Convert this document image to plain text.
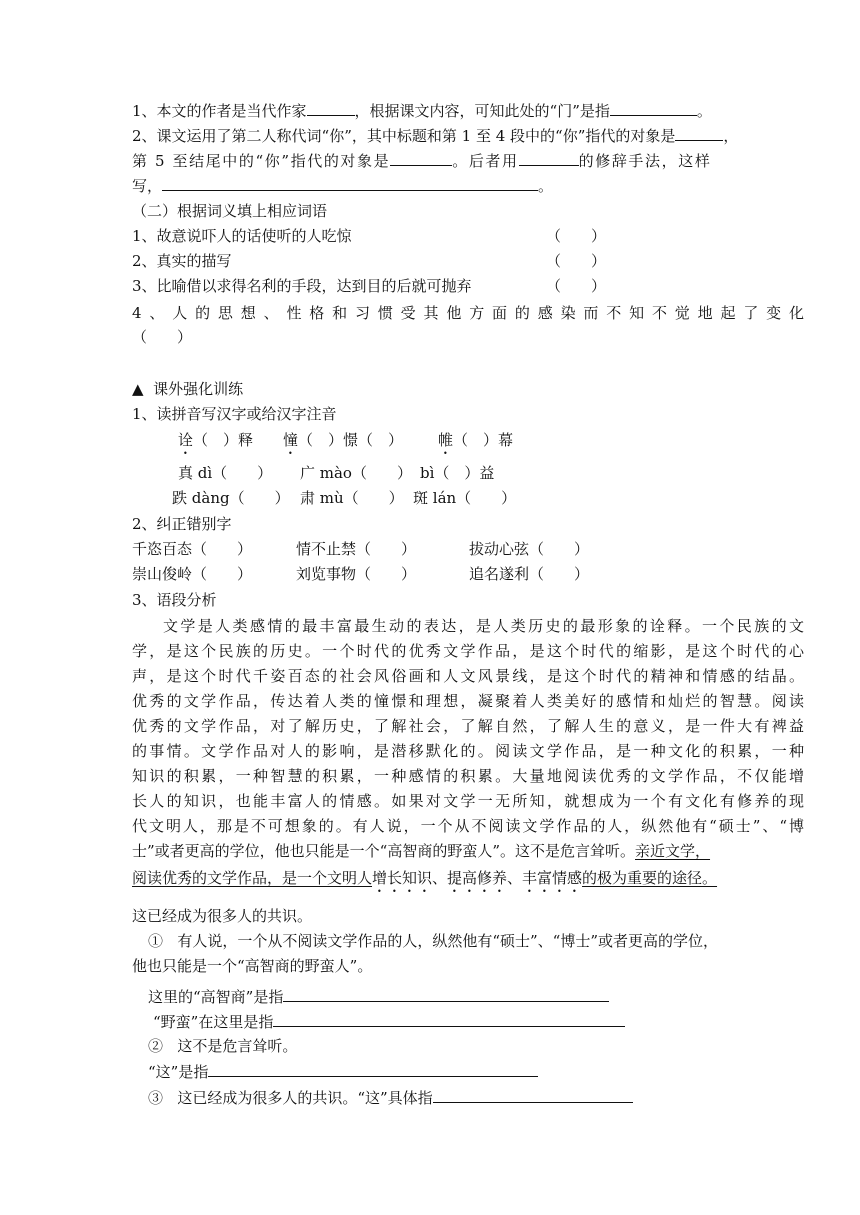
1、本文的作者是当代作家	，根据课文内容，可知此处的“门”是指	。
2、课文运用了第二人称代词“你”，其中标题和第 1 至 4 段中的“你”指代的对象是	，
第 5 至结尾中的“你”指代的对象是	。后者用	的修辞手法，这样
写，	。
（二）根据词义填上相应词语
1、故意说吓人的话使听的人吃惊	（　　）
2、真实的描写	（　　）
3、比喻借以求得名利的手段，达到目的后就可抛弃	（　　）
4、人的思想、性格和习惯受其他方面的感染而不知不觉地起了变化
（　　）
▲ 课外强化训练
1、读拼音写汉字或给汉字注音
诠（　）释 憧（　）憬（　） 帷（　）幕
真 dì（　　） 广 mào（　　） bì（　）益
跌 dàng（　　） 肃 mù（　　） 斑 lán（　　）
2、纠正错别字
千恣百态（　　）	情不止禁（　　）	拔动心弦（　　）
崇山俊岭（　　）	刘览事物（　　）	追名遂利（　　）
3、语段分析
文学是人类感情的最丰富最生动的表达，是人类历史的最形象的诠释。一个民族的文
学，是这个民族的历史。一个时代的优秀文学作品，是这个时代的缩影，是这个时代的心
声，是这个时代千姿百态的社会风俗画和人文风景线，是这个时代的精神和情感的结晶。
优秀的文学作品，传达着人类的憧憬和理想，凝聚着人类美好的感情和灿烂的智慧。阅读
优秀的文学作品，对了解历史，了解社会，了解自然，了解人生的意义，是一件大有裨益
的事情。文学作品对人的影响，是潜移默化的。阅读文学作品，是一种文化的积累，一种
知识的积累，一种智慧的积累，一种感情的积累。大量地阅读优秀的文学作品，不仅能增
长人的知识，也能丰富人的情感。如果对文学一无所知，就想成为一个有文化有修养的现
代文明人，那是不可想象的。有人说，一个从不阅读文学作品的人，纵然他有“硕士”、“博
士”或者更高的学位，他也只能是一个“高智商的野蛮人”。这不是危言耸听。亲近文学，
阅读优秀的文学作品，是一个文明人增长知识、提高修养、丰富情感的极为重要的途径。
这已经成为很多人的共识。
① 有人说，一个从不阅读文学作品的人，纵然他有“硕士”、“博士”或者更高的学位，
他也只能是一个“高智商的野蛮人”。
这里的“高智商”是指
“野蛮”在这里是指
② 这不是危言耸听。
“这”是指
③ 这已经成为很多人的共识。“这”具体指
